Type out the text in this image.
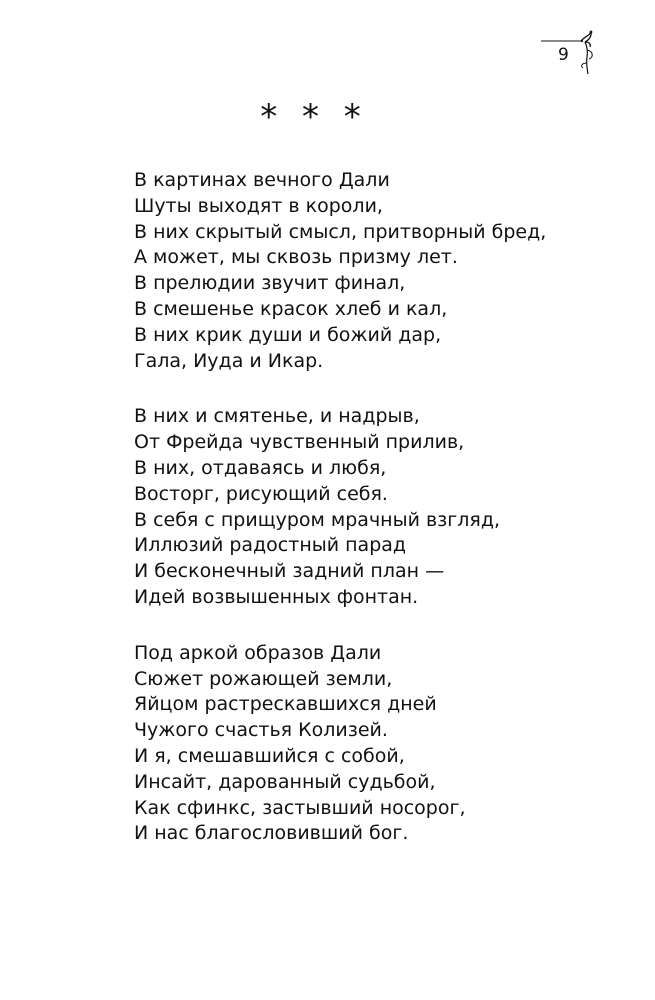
9
* * *
В картинах вечного Дали
Шуты выходят в короли,
В них скрытый смысл, притворный бред,
А может, мы сквозь призму лет.
В прелюдии звучит финал,
В смешенье красок хлеб и кал,
В них крик души и божий дар,
Гала, Иуда и Икар.
В них и смятенье, и надрыв,
От Фрейда чувственный прилив,
В них, отдаваясь и любя,
Восторг, рисующий себя.
В себя с прищуром мрачный взгляд,
Иллюзий радостный парад
И бесконечный задний план —
Идей возвышенных фонтан.
Под аркой образов Дали
Сюжет рожающей земли,
Яйцом растрескавшихся дней
Чужого счастья Колизей.
И я, смешавшийся с собой,
Инсайт, дарованный судьбой,
Как сфинкс, застывший носорог,
И нас благословивший бог.
